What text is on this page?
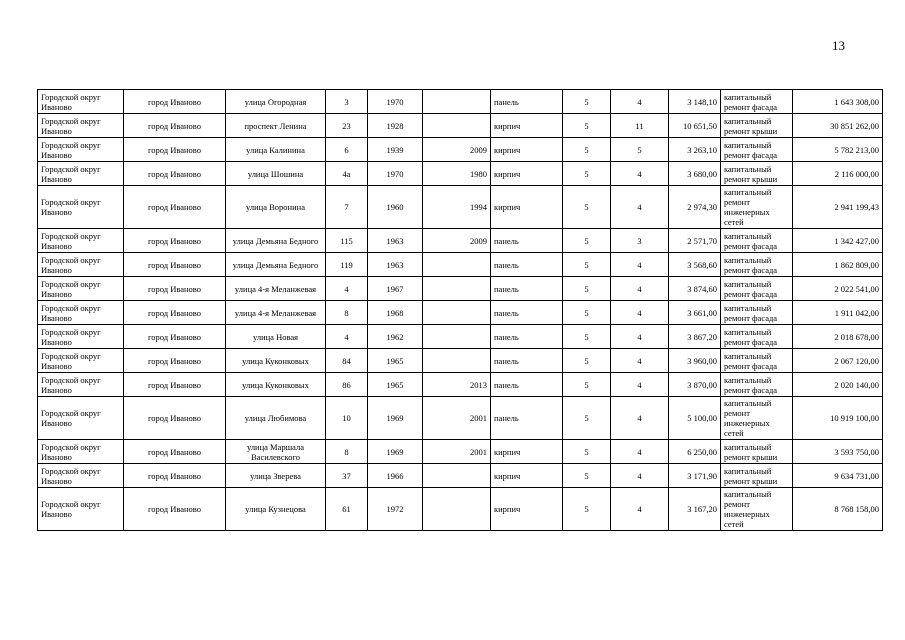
13
Городской округ Иваново	город Иваново	улица Огородная	3	1970		панель	5	4	3 148,10	капитальный ремонт фасада	1 643 308,00
Городской округ Иваново	город Иваново	проспект Ленина	23	1928		кирпич	5	11	10 651,50	капитальный ремонт крыши	30 851 262,00
Городской округ Иваново	город Иваново	улица Калинина	6	1939	2009	кирпич	5	5	3 263,10	капитальный ремонт фасада	5 782 213,00
Городской округ Иваново	город Иваново	улица Шошина	4а	1970	1980	кирпич	5	4	3 680,00	капитальный ремонт крыши	2 116 000,00
Городской округ Иваново	город Иваново	улица Воронина	7	1960	1994	кирпич	5	4	2 974,30	капитальный ремонт инженерных сетей	2 941 199,43
Городской округ Иваново	город Иваново	улица Демьяна Бедного	115	1963	2009	панель	5	3	2 571,70	капитальный ремонт фасада	1 342 427,00
Городской округ Иваново	город Иваново	улица Демьяна Бедного	119	1963		панель	5	4	3 568,60	капитальный ремонт фасада	1 862 809,00
Городской округ Иваново	город Иваново	улица 4-я Меланжевая	4	1967		панель	5	4	3 874,60	капитальный ремонт фасада	2 022 541,00
Городской округ Иваново	город Иваново	улица 4-я Меланжевая	8	1968		панель	5	4	3 661,00	капитальный ремонт фасада	1 911 042,00
Городской округ Иваново	город Иваново	улица Новая	4	1962		панель	5	4	3 867,20	капитальный ремонт фасада	2 018 678,00
Городской округ Иваново	город Иваново	улица Куконковых	84	1965		панель	5	4	3 960,00	капитальный ремонт фасада	2 067 120,00
Городской округ Иваново	город Иваново	улица Куконковых	86	1965	2013	панель	5	4	3 870,00	капитальный ремонт фасада	2 020 140,00
Городской округ Иваново	город Иваново	улица Любимова	10	1969	2001	панель	5	4	5 100,00	капитальный ремонт инженерных сетей	10 919 100,00
Городской округ Иваново	город Иваново	улица Маршала Василевского	8	1969	2001	кирпич	5	4	6 250,00	капитальный ремонт крыши	3 593 750,00
Городской округ Иваново	город Иваново	улица Зверева	37	1966		кирпич	5	4	3 171,90	капитальный ремонт крыши	9 634 731,00
Городской округ Иваново	город Иваново	улица Кузнецова	61	1972		кирпич	5	4	3 167,20	капитальный ремонт инженерных сетей	8 768 158,00
